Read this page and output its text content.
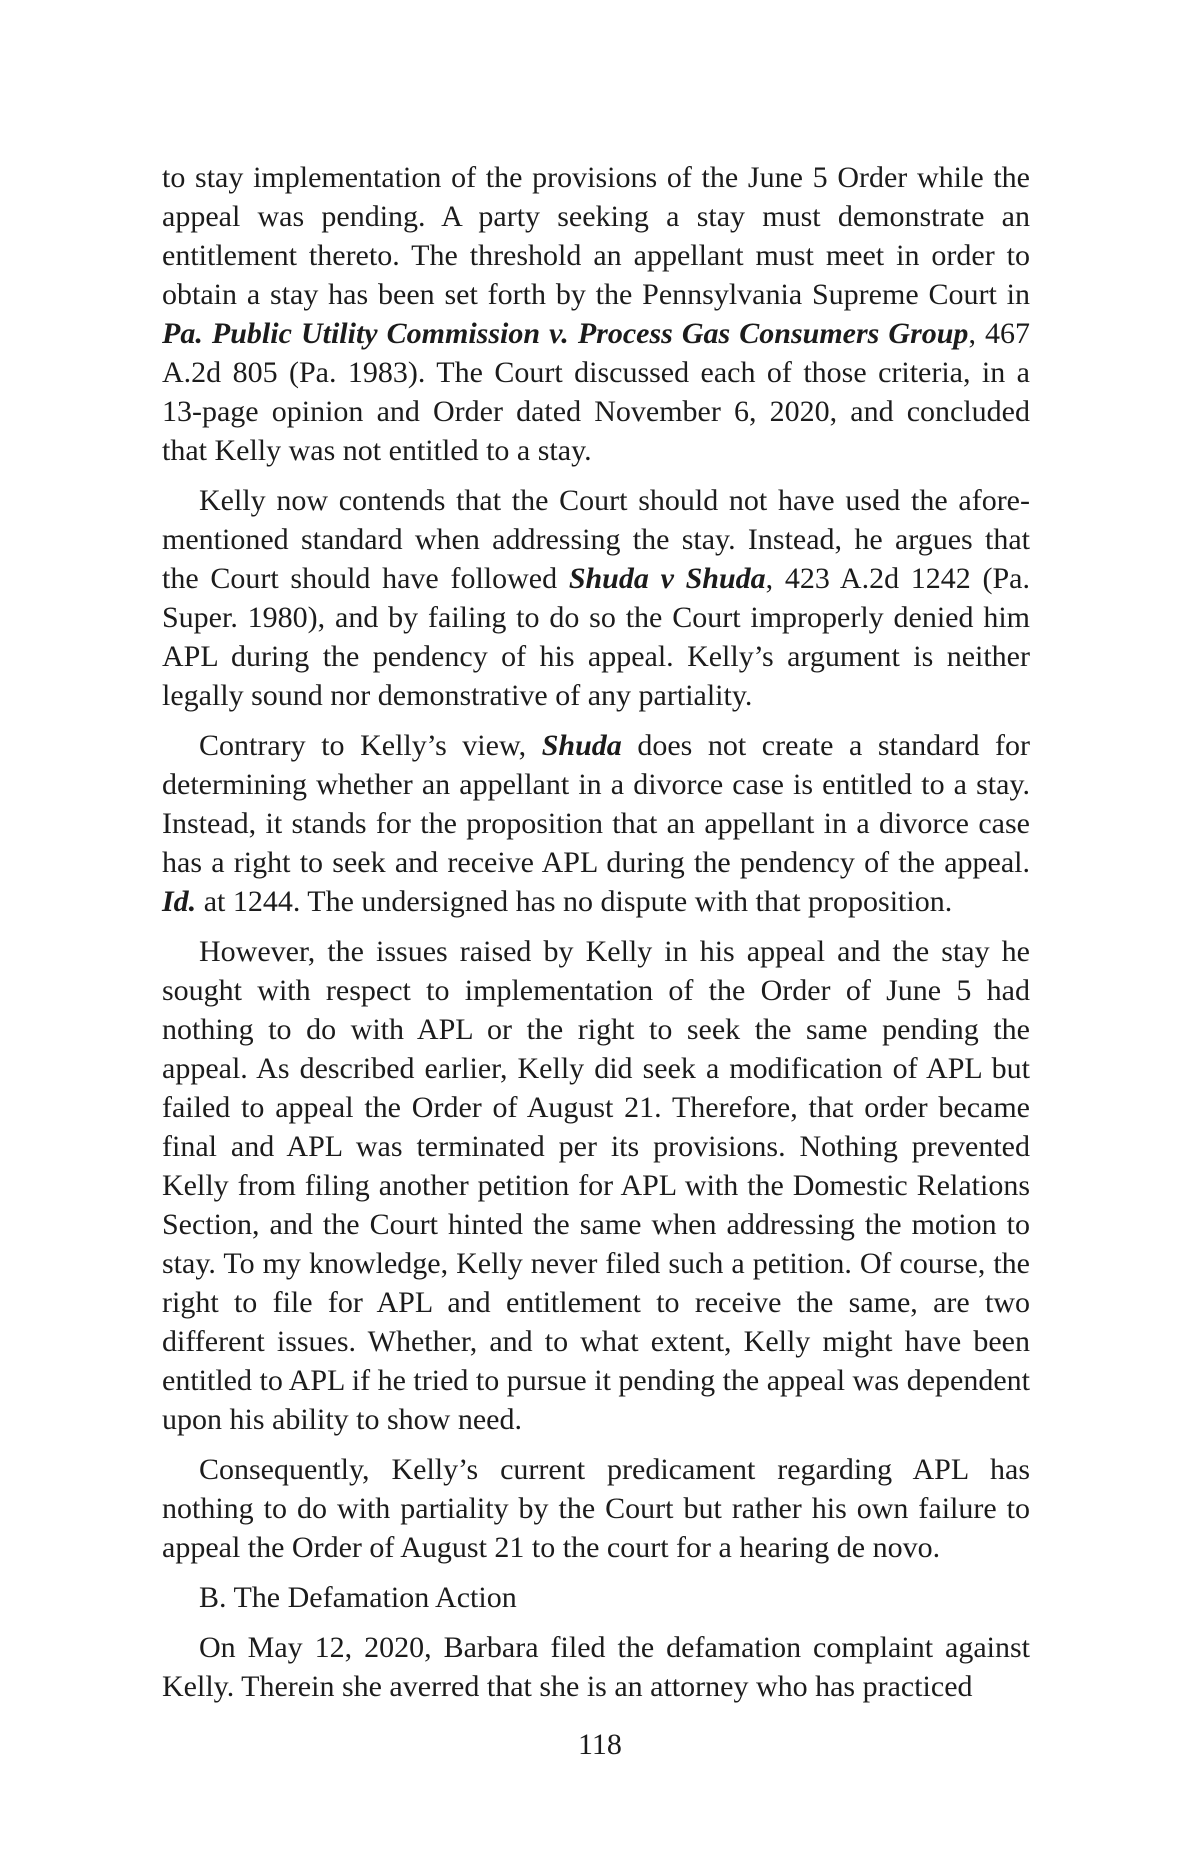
to stay implementation of the provisions of the June 5 Order while the appeal was pending. A party seeking a stay must demonstrate an entitlement thereto. The threshold an appellant must meet in order to obtain a stay has been set forth by the Pennsylvania Supreme Court in Pa. Public Utility Commission v. Process Gas Consumers Group, 467 A.2d 805 (Pa. 1983). The Court discussed each of those criteria, in a 13-page opinion and Order dated November 6, 2020, and concluded that Kelly was not entitled to a stay.

Kelly now contends that the Court should not have used the aforementioned standard when addressing the stay. Instead, he argues that the Court should have followed Shuda v Shuda, 423 A.2d 1242 (Pa. Super. 1980), and by failing to do so the Court improperly denied him APL during the pendency of his appeal. Kelly’s argument is neither legally sound nor demonstrative of any partiality.

Contrary to Kelly’s view, Shuda does not create a standard for determining whether an appellant in a divorce case is entitled to a stay. Instead, it stands for the proposition that an appellant in a divorce case has a right to seek and receive APL during the pendency of the appeal. Id. at 1244. The undersigned has no dispute with that proposition.

However, the issues raised by Kelly in his appeal and the stay he sought with respect to implementation of the Order of June 5 had nothing to do with APL or the right to seek the same pending the appeal. As described earlier, Kelly did seek a modification of APL but failed to appeal the Order of August 21. Therefore, that order became final and APL was terminated per its provisions. Nothing prevented Kelly from filing another petition for APL with the Domestic Relations Section, and the Court hinted the same when addressing the motion to stay. To my knowledge, Kelly never filed such a petition. Of course, the right to file for APL and entitlement to receive the same, are two different issues. Whether, and to what extent, Kelly might have been entitled to APL if he tried to pursue it pending the appeal was dependent upon his ability to show need.

Consequently, Kelly’s current predicament regarding APL has nothing to do with partiality by the Court but rather his own failure to appeal the Order of August 21 to the court for a hearing de novo.

B. The Defamation Action

On May 12, 2020, Barbara filed the defamation complaint against Kelly. Therein she averred that she is an attorney who has practiced

118
